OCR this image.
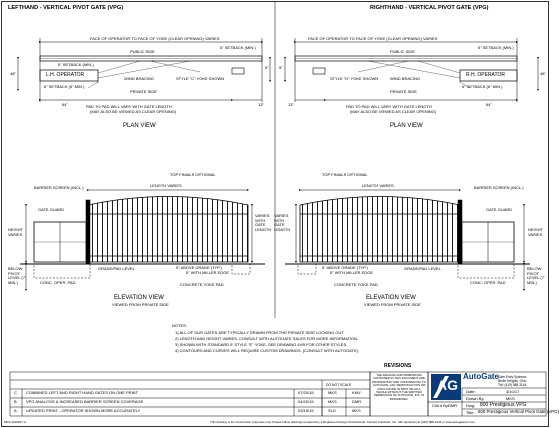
LEFTHAND - VERTICAL PIVOT GATE (VPG)
FACE OF OPERATOR TO FACE OF YOKE (CLEAR OPENING) VARIES
5" SETBACK (MIN.)
PUBLIC SIDE
5" SETBACK (MIN.)
L.H. OPERATOR
WIND BRACING	STYLE "C" YOKE SHOWN
6" SETBACK (6" MIN.)
PRIVATE SIDE
48"
5"
64"	13"
PAD TO PAD WILL VARY WITH GATE LENGTH
(MAY ALSO BE VIEWED AS CLEAR OPENING)
PLAN VIEW
TOP FINIALS OPTIONAL
BARRIER SCREEN (INCL.)	LENGTH VARIES
GATE GUARD
HEIGHT VARIES
VARIES WITH GATE LENGTH
GRADE/PAD LEVEL
BELOW PIVOT LEVEL (7' MIN.)
5" ABOVE GRADE (TYP.)
5" WITH MILLER EDGE
CONC. OPER. PAD	CONCRETE YOKE PAD
ELEVATION VIEW
VIEWED FROM PRIVATE SIDE
RIGHTHAND - VERTICAL PIVOT GATE (VPG)
FACE OF OPERATOR TO FACE OF YOKE (CLEAR OPENING) VARIES
5" SETBACK (MIN.)
PUBLIC SIDE
R.H. OPERATOR
STYLE "D" YOKE SHOWN	WIND BRACING
6" SETBACK (6" MIN.)
PRIVATE SIDE
48"
5"
13"	64"
PAD TO PAD WILL VARY WITH GATE LENGTH
(MAY ALSO BE VIEWED AS CLEAR OPENING)
PLAN VIEW
TOP FINIALS OPTIONAL
BARRIER SCREEN (INCL.)
LENGTH VARIES
GATE GUARD
VARIES WITH GATE LENGTH	HEIGHT VARIES
GRADE/PAD LEVEL	BELOW PIVOT LEVEL (7' MIN.)
5" ABOVE GRADE (TYP.)
5" WITH MILLER EDGE
CONC. OPER. PAD
CONCRETE YOKE PAD
ELEVATION VIEW
VIEWED FROM PRIVATE SIDE
NOTES:
1) ALL OF OUR GATES ARE TYPICALLY DRAWN FROM THE PRIVATE SIDE LOOKING OUT.
2) LENGTH AND HEIGHT VARIES, CONSULT WITH AUTOGATE SALES FOR MORE INFORMATION.
3) SHOWN WITH STANDARD 5' STYLE "E" YOKE. SEE DRAWING 4VB FOR OTHER STYLES.
4) CONTOURS AND CURVES WILL REQUIRE CUSTOM DRAWINGS. (CONSULT WITH AUTOGATE).
REVISIONS
DO NOT SCALE
C COMBINED LEFT AND RIGHT HAND GATES ON ONE PRINT	07/20/15	MKS	KMV
B VPG ANALYSIS & INCREASED BARRIER SCREEN COVERAGE	04/20/15	MKS	DMR
A UPDATED PRINT - OPERATOR SHOWN MORE ACCURATELY	03/15/15	SLD	MKS
THE DESIGNS AND DIMENSIONS CONTAINED IN THIS DOCUMENT ARE PROPRIETARY AND CONFIDENTIAL TO AUTOGATE. ANY REPRODUCTION OR DISCLOSURE IN PART OR AS A WHOLE WITHOUT THE WRITTEN PERMISSION OF AUTOGATE, INC. IS PROHIBITED.
AG
AutoGate Gate Entry Systems
Berlin Heights, Ohio
Toll: (419) 588-3144
Date:	4/10/17
Drawn By:	MKS
Chk'd By: DMR Dwg: 800 Prestigious VPG
Title: 800 Prestigious Vertical Pivot Gate (VPG)
MKS-1102817-A	This drawing is for construction purposes only. Please follow drawings prepared by a Registered Design Professional. Contact AutoGate, Inc. with questions at (440) 588-3144 or www.autogateinc.com
